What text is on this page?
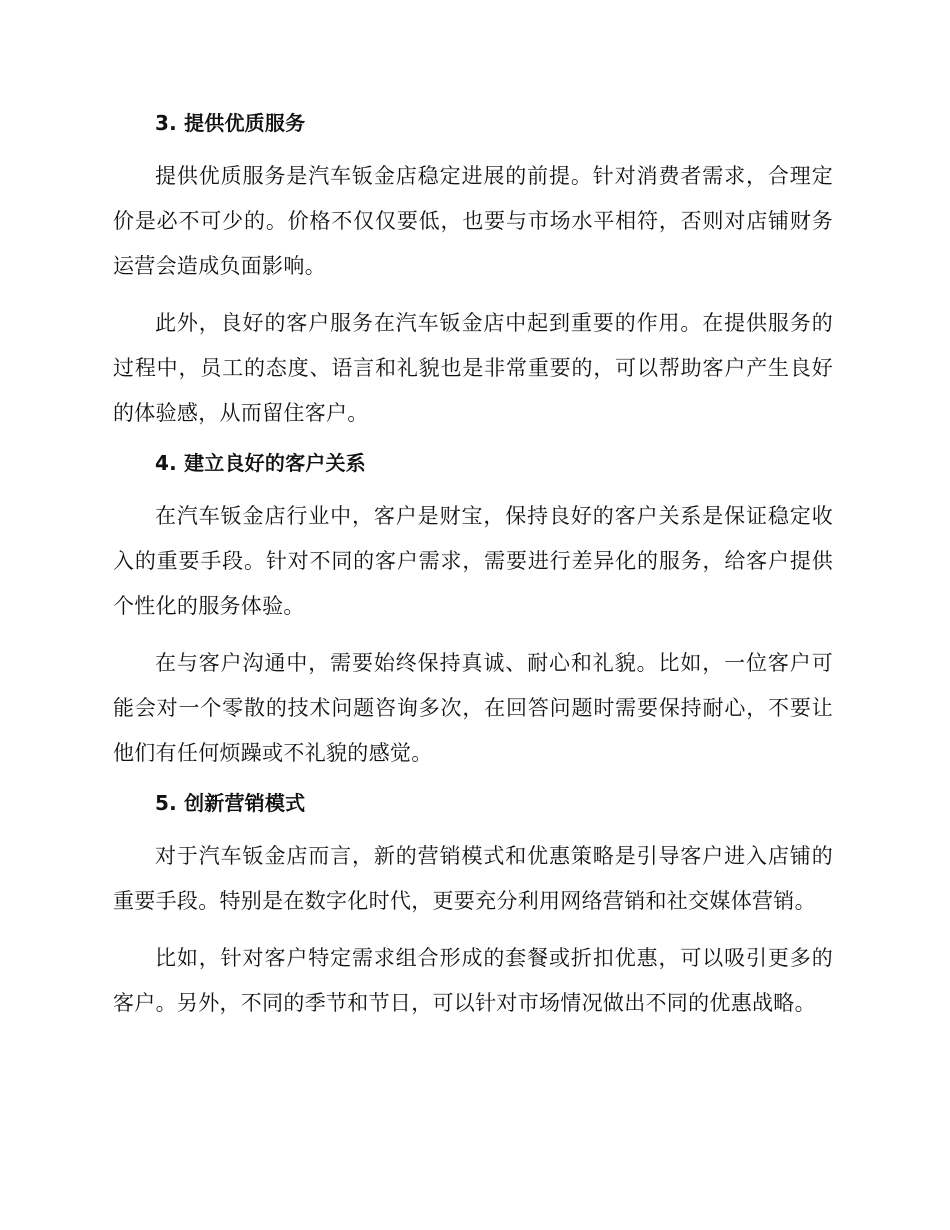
3. 提供优质服务

提供优质服务是汽车钣金店稳定进展的前提。针对消费者需求，合理定价是必不可少的。价格不仅仅要低，也要与市场水平相符，否则对店铺财务运营会造成负面影响。

此外，良好的客户服务在汽车钣金店中起到重要的作用。在提供服务的过程中，员工的态度、语言和礼貌也是非常重要的，可以帮助客户产生良好的体验感，从而留住客户。

4. 建立良好的客户关系

在汽车钣金店行业中，客户是财宝，保持良好的客户关系是保证稳定收入的重要手段。针对不同的客户需求，需要进行差异化的服务，给客户提供个性化的服务体验。

在与客户沟通中，需要始终保持真诚、耐心和礼貌。比如，一位客户可能会对一个零散的技术问题咨询多次，在回答问题时需要保持耐心，不要让他们有任何烦躁或不礼貌的感觉。

5. 创新营销模式

对于汽车钣金店而言，新的营销模式和优惠策略是引导客户进入店铺的重要手段。特别是在数字化时代，更要充分利用网络营销和社交媒体营销。

比如，针对客户特定需求组合形成的套餐或折扣优惠，可以吸引更多的客户。另外，不同的季节和节日，可以针对市场情况做出不同的优惠战略。
